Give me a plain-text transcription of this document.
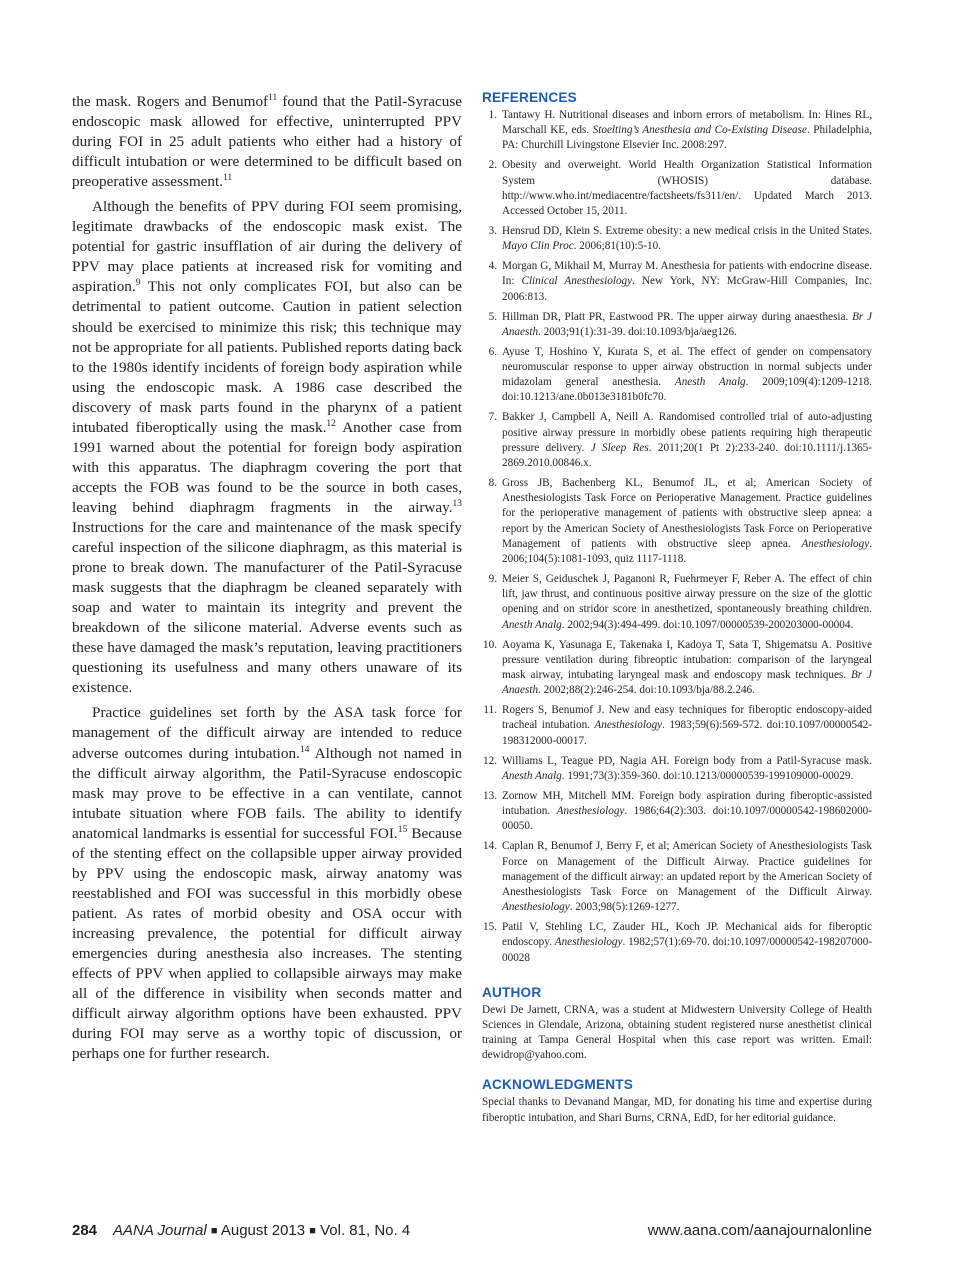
the mask. Rogers and Benumof$^{11}$ found that the Patil-Syracuse endoscopic mask allowed for effective, uninterrupted PPV during FOI in 25 adult patients who either had a history of difficult intubation or were determined to be difficult based on preoperative assessment.$^{11}$

Although the benefits of PPV during FOI seem promising, legitimate drawbacks of the endoscopic mask exist. The potential for gastric insufflation of air during the delivery of PPV may place patients at increased risk for vomiting and aspiration.$^9$ This not only complicates FOI, but also can be detrimental to patient outcome. Caution in patient selection should be exercised to minimize this risk; this technique may not be appropriate for all patients. Published reports dating back to the 1980s identify incidents of foreign body aspiration while using the endoscopic mask. A 1986 case described the discovery of mask parts found in the pharynx of a patient intubated fiberoptically using the mask.$^{12}$ Another case from 1991 warned about the potential for foreign body aspiration with this apparatus. The diaphragm covering the port that accepts the FOB was found to be the source in both cases, leaving behind diaphragm fragments in the airway.$^{13}$ Instructions for the care and maintenance of the mask specify careful inspection of the silicone diaphragm, as this material is prone to break down. The manufacturer of the Patil-Syracuse mask suggests that the diaphragm be cleaned separately with soap and water to maintain its integrity and prevent the breakdown of the silicone material. Adverse events such as these have damaged the mask’s reputation, leaving practitioners questioning its usefulness and many others unaware of its existence.

Practice guidelines set forth by the ASA task force for management of the difficult airway are intended to reduce adverse outcomes during intubation.$^{14}$ Although not named in the difficult airway algorithm, the Patil-Syracuse endoscopic mask may prove to be effective in a can ventilate, cannot intubate situation where FOB fails. The ability to identify anatomical landmarks is essential for successful FOI.$^{15}$ Because of the stenting effect on the collapsible upper airway provided by PPV using the endoscopic mask, airway anatomy was reestablished and FOI was successful in this morbidly obese patient. As rates of morbid obesity and OSA occur with increasing prevalence, the potential for difficult airway emergencies during anesthesia also increases. The stenting effects of PPV when applied to collapsible airways may make all of the difference in visibility when seconds matter and difficult airway algorithm options have been exhausted. PPV during FOI may serve as a worthy topic of discussion, or perhaps one for further research.

REFERENCES
1. Tantawy H. Nutritional diseases and inborn errors of metabolism. In: Hines RL, Marschall KE, eds. Stoelting’s Anesthesia and Co-Existing Disease. Philadelphia, PA: Churchill Livingstone Elsevier Inc. 2008:297.
2. Obesity and overweight. World Health Organization Statistical Information System (WHOSIS) database. http://www.who.int/mediacentre/factsheets/fs311/en/. Updated March 2013. Accessed October 15, 2011.
3. Hensrud DD, Klein S. Extreme obesity: a new medical crisis in the United States. Mayo Clin Proc. 2006;81(10):5-10.
4. Morgan G, Mikhail M, Murray M. Anesthesia for patients with endocrine disease. In: Clinical Anesthesiology. New York, NY: McGraw-Hill Companies, Inc. 2006:813.
5. Hillman DR, Platt PR, Eastwood PR. The upper airway during anaesthesia. Br J Anaesth. 2003;91(1):31-39. doi:10.1093/bja/aeg126.
6. Ayuse T, Hoshino Y, Kurata S, et al. The effect of gender on compensatory neuromuscular response to upper airway obstruction in normal subjects under midazolam general anesthesia. Anesth Analg. 2009;109(4):1209-1218. doi:10.1213/ane.0b013e3181b0fc70.
7. Bakker J, Campbell A, Neill A. Randomised controlled trial of auto-adjusting positive airway pressure in morbidly obese patients requiring high therapeutic pressure delivery. J Sleep Res. 2011;20(1 Pt 2):233-240. doi:10.1111/j.1365-2869.2010.00846.x.
8. Gross JB, Bachenberg KL, Benumof JL, et al; American Society of Anesthesiologists Task Force on Perioperative Management. Practice guidelines for the perioperative management of patients with obstructive sleep apnea: a report by the American Society of Anesthesiologists Task Force on Perioperative Management of patients with obstructive sleep apnea. Anesthesiology. 2006;104(5):1081-1093, quiz 1117-1118.
9. Meier S, Geiduschek J, Paganoni R, Fuehrmeyer F, Reber A. The effect of chin lift, jaw thrust, and continuous positive airway pressure on the size of the glottic opening and on stridor score in anesthetized, spontaneously breathing children. Anesth Analg. 2002;94(3):494-499. doi:10.1097/00000539-200203000-00004.
10. Aoyama K, Yasunaga E, Takenaka I, Kadoya T, Sata T, Shigematsu A. Positive pressure ventilation during fibreoptic intubation: comparison of the laryngeal mask airway, intubating laryngeal mask and endoscopy mask techniques. Br J Anaesth. 2002;88(2):246-254. doi:10.1093/bja/88.2.246.
11. Rogers S, Benumof J. New and easy techniques for fiberoptic endoscopy-aided tracheal intubation. Anesthesiology. 1983;59(6):569-572. doi:10.1097/00000542-198312000-00017.
12. Williams L, Teague PD, Nagia AH. Foreign body from a Patil-Syracuse mask. Anesth Analg. 1991;73(3):359-360. doi:10.1213/00000539-199109000-00029.
13. Zornow MH, Mitchell MM. Foreign body aspiration during fiberoptic-assisted intubation. Anesthesiology. 1986;64(2):303. doi:10.1097/00000542-198602000-00050.
14. Caplan R, Benumof J, Berry F, et al; American Society of Anesthesiologists Task Force on Management of the Difficult Airway. Practice guidelines for management of the difficult airway: an updated report by the American Society of Anesthesiologists Task Force on Management of the Difficult Airway. Anesthesiology. 2003;98(5):1269-1277.
15. Patil V, Stehling LC, Zauder HL, Koch JP. Mechanical aids for fiberoptic endoscopy. Anesthesiology. 1982;57(1):69-70. doi:10.1097/00000542-198207000-00028
AUTHOR

Dewi De Jarnett, CRNA, was a student at Midwestern University College of Health Sciences in Glendale, Arizona, obtaining student registered nurse anesthetist clinical training at Tampa General Hospital when this case report was written. Email: dewidrop@yahoo.com.

ACKNOWLEDGMENTS

Special thanks to Devanand Mangar, MD, for donating his time and expertise during fiberoptic intubation, and Shari Burns, CRNA, EdD, for her editorial guidance.

284 AANA Journal ■ August 2013 ■ Vol. 81, No. 4	www.aana.com/aanajournalonline
